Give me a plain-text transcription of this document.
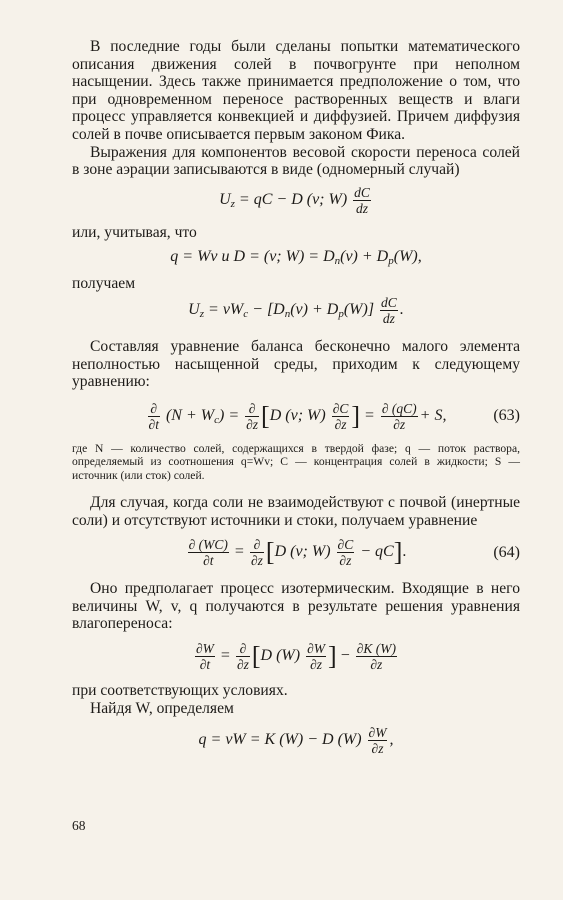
В последние годы были сделаны попытки математического описания движения солей в почвогрунте при неполном насыщении. Здесь также принимается предположение о том, что при одновременном переносе растворенных веществ и влаги процесс управляется конвекцией и диффузией. Причем диффузия солей в почве описывается первым законом Фика.

Выражения для компонентов весовой скорости переноса солей в зоне аэрации записываются в виде (одномерный случай)

$U_z$ = qC − D (v; $W) \frac{dC}{dz}$

или, учитывая, что

q = Wv и D = (v; $W) = D_n(v) + D_p(W)$,

получаем

$U_z = vW_c - [D_n(v) + D_p(W)] \frac{dC}{dz}$ .

Составляя уравнение баланса бесконечно малого элемента неполностью насыщенной среды, приходим к следующему уравнению:

$\frac{\partial}{\partial t} (N + W_c) = \frac{\partial}{\partial z} [D$ (v; $W) \frac{\partial C}{\partial z}$ ] = $\frac{\partial (qC)}{\partial z} + S$,	(63)

где N — количество солей, содержащихся в твердой фазе; q — поток раствора, определяемый из соотношения q=Wv; C — концентрация солей в жидкости; S — источник (или сток) солей.

Для случая, когда соли не взаимодействуют с почвой (инертные соли) и отсутствуют источники и стоки, получаем уравнение

$\frac{\partial (WC)}{\partial t} = \frac{\partial}{\partial z} [D$ (v; $W) \frac{\partial C}{\partial z} - qC$].	(64)

Оно предполагает процесс изотермическим. Входящие в него величины W, v, q получаются в результате решения уравнения влагопереноса:

$\frac{\partial W}{\partial t} = \frac{\partial}{\partial z} [D$ $(W) \frac{\partial W}{\partial z}$ ] − $\frac{\partial K (W)}{\partial z}$

при соответствующих условиях.

Найдя W, определяем

q = vW = K (W) − D $(W) \frac{\partial W}{\partial z}$ ,
68
